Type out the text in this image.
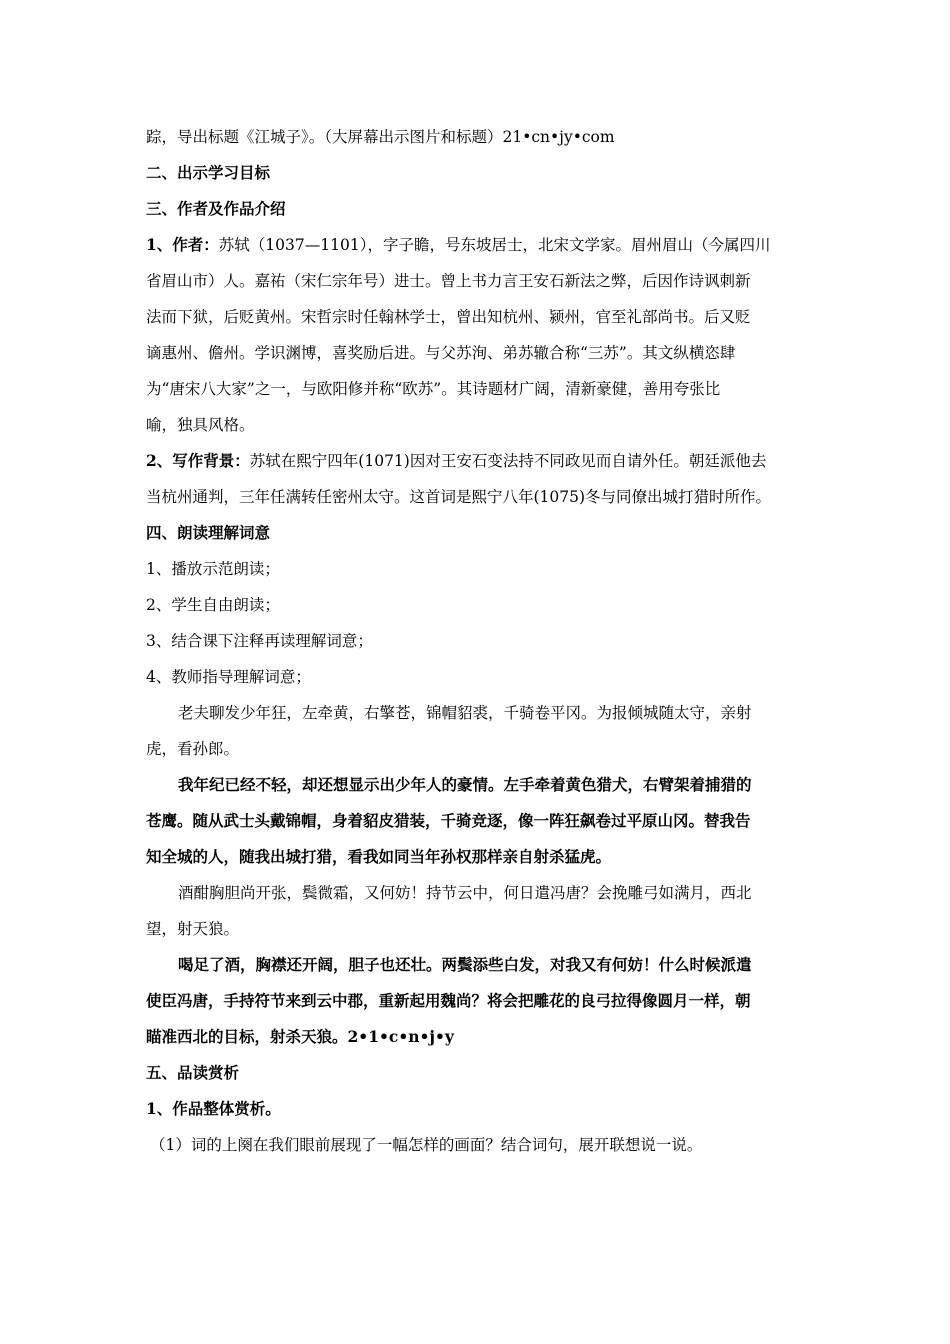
踪，导出标题《江城子》。（大屏幕出示图片和标题）21•cn•jy•com
二、出示学习目标
三、作者及作品介绍
1、作者：苏轼（1037—1101），字子瞻，号东坡居士，北宋文学家。眉州眉山（今属四川
省眉山市）人。嘉祐（宋仁宗年号）进士。曾上书力言王安石新法之弊，后因作诗讽刺新
法而下狱，后贬黄州。宋哲宗时任翰林学士，曾出知杭州、颍州，官至礼部尚书。后又贬
谪惠州、儋州。学识渊博，喜奖励后进。与父苏洵、弟苏辙合称“三苏”。其文纵横恣肆
为“唐宋八大家”之一，与欧阳修并称“欧苏”。其诗题材广阔，清新豪健，善用夸张比
喻，独具风格。
2、写作背景：苏轼在熙宁四年(1071)因对王安石变法持不同政见而自请外任。朝廷派他去
当杭州通判，三年任满转任密州太守。这首词是熙宁八年(1075)冬与同僚出城打猎时所作。
四、朗读理解词意
1、播放示范朗读；
2、学生自由朗读；
3、结合课下注释再读理解词意；
4、教师指导理解词意；
老夫聊发少年狂，左牵黄，右擎苍，锦帽貂裘，千骑卷平冈。为报倾城随太守，亲射
虎，看孙郎。
我年纪已经不轻，却还想显示出少年人的豪情。左手牵着黄色猎犬，右臂架着捕猎的
苍鹰。随从武士头戴锦帽，身着貂皮猎装，千骑竞逐，像一阵狂飙卷过平原山冈。替我告
知全城的人，随我出城打猎，看我如同当年孙权那样亲自射杀猛虎。
酒酣胸胆尚开张，鬓微霜，又何妨！持节云中，何日遣冯唐？会挽雕弓如满月，西北
望，射天狼。
喝足了酒，胸襟还开阔，胆子也还壮。两鬓添些白发，对我又有何妨！什么时候派遣
使臣冯唐，手持符节来到云中郡，重新起用魏尚？将会把雕花的良弓拉得像圆月一样，朝
瞄准西北的目标，射杀天狼。2•1•c•n•j•y
五、品读赏析
1、作品整体赏析。
（1）词的上阕在我们眼前展现了一幅怎样的画面？结合词句，展开联想说一说。
